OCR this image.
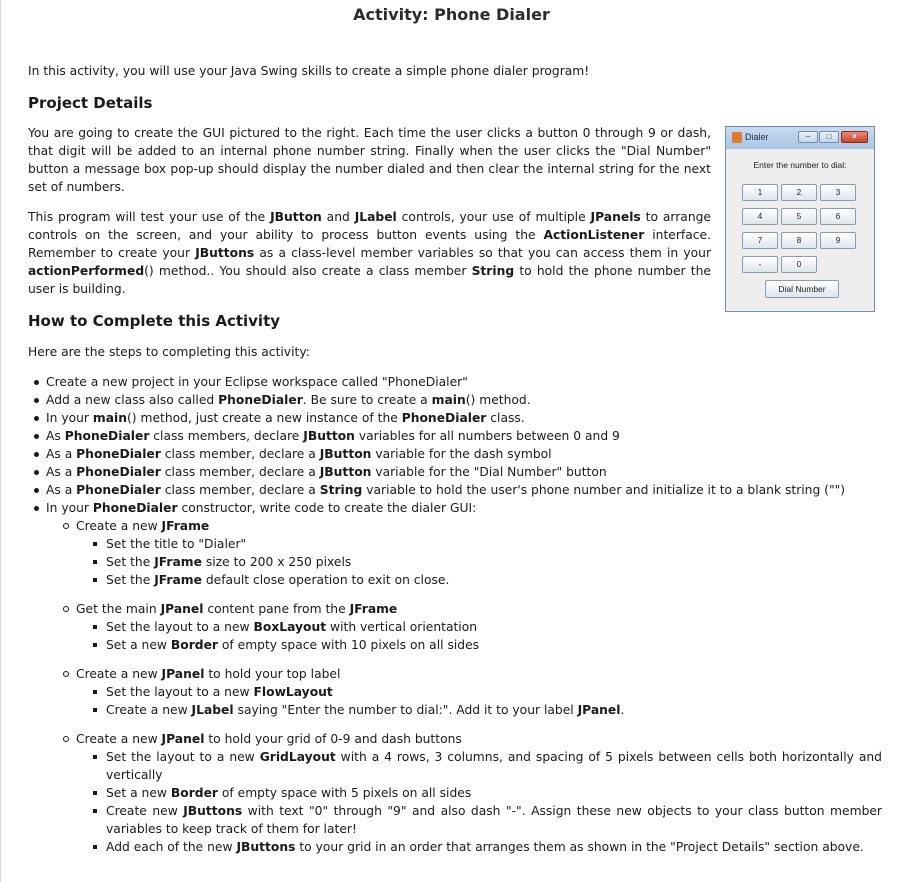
Activity: Phone Dialer

In this activity, you will use your Java Swing skills to create a simple phone dialer program!

Project Details

You are going to create the GUI pictured to the right. Each time the user clicks a button 0 through 9 or dash, that digit will be added to an internal phone number string. Finally when the user clicks the "Dial Number" button a message box pop-up should display the number dialed and then clear the internal string for the next set of numbers.

This program will test your use of the JButton and JLabel controls, your use of multiple JPanels to arrange controls on the screen, and your ability to process button events using the ActionListener interface. Remember to create your JButtons as a class-level member variables so that you can access them in your actionPerformed() method.. You should also create a class member String to hold the phone number the user is building.

Dialer	–	□	×
Enter the number to dial:
1	2	3
4	5	6
7	8	9
-	0
Dial Number
How to Complete this Activity

Here are the steps to completing this activity:

Create a new project in your Eclipse workspace called "PhoneDialer"
Add a new class also called PhoneDialer. Be sure to create a main() method.
In your main() method, just create a new instance of the PhoneDialer class.
As PhoneDialer class members, declare JButton variables for all numbers between 0 and 9
As a PhoneDialer class member, declare a JButton variable for the dash symbol
As a PhoneDialer class member, declare a JButton variable for the "Dial Number" button
As a PhoneDialer class member, declare a String variable to hold the user's phone number and initialize it to a blank string ("")
In your PhoneDialer constructor, write code to create the dialer GUI:
Create a new JFrame
Set the title to "Dialer"
Set the JFrame size to 200 x 250 pixels
Set the JFrame default close operation to exit on close.
Get the main JPanel content pane from the JFrame
Set the layout to a new BoxLayout with vertical orientation
Set a new Border of empty space with 10 pixels on all sides
Create a new JPanel to hold your top label
Set the layout to a new FlowLayout
Create a new JLabel saying "Enter the number to dial:". Add it to your label JPanel.
Create a new JPanel to hold your grid of 0-9 and dash buttons
Set the layout to a new GridLayout with a 4 rows, 3 columns, and spacing of 5 pixels between cells both horizontally and vertically
Set a new Border of empty space with 5 pixels on all sides
Create new JButtons with text "0" through "9" and also dash "-". Assign these new objects to your class button member variables to keep track of them for later!
Add each of the new JButtons to your grid in an order that arranges them as shown in the "Project Details" section above.
